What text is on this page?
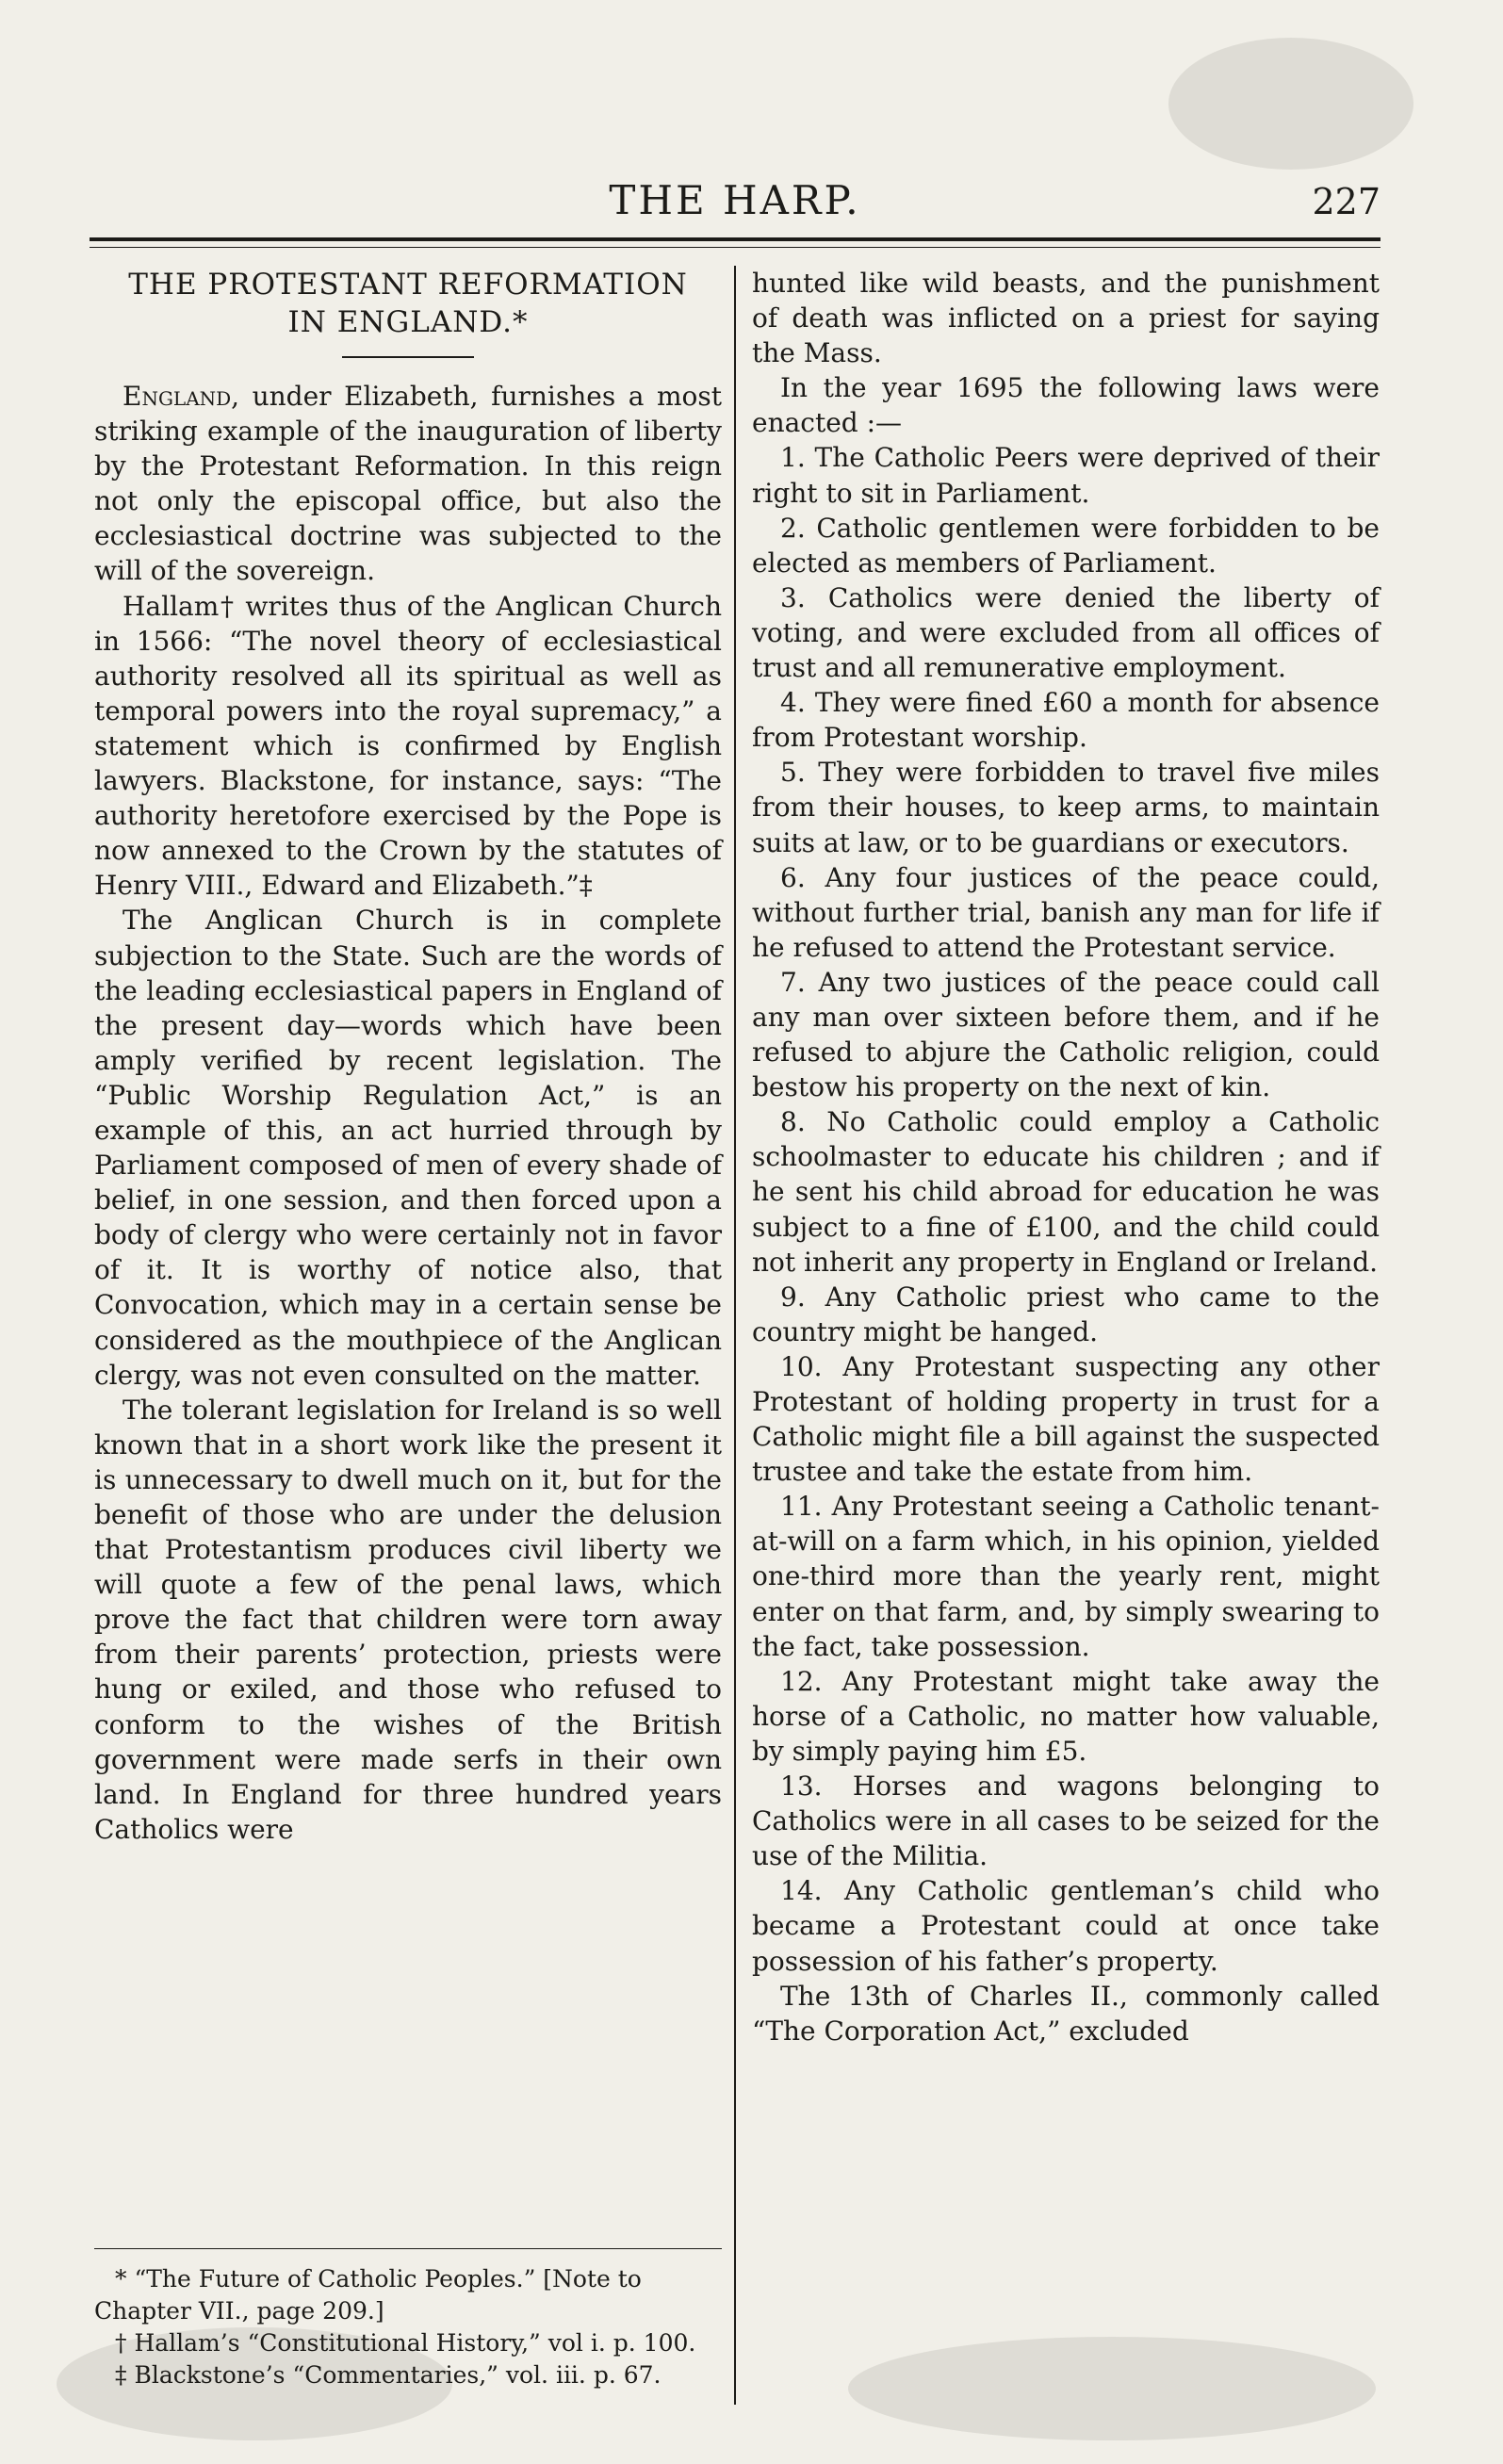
THE HARP.	227
THE PROTESTANT REFORMATION
IN ENGLAND.*

England, under Elizabeth, furnishes a most striking example of the inauguration of liberty by the Protestant Reformation. In this reign not only the episcopal office, but also the ecclesiastical doctrine was subjected to the will of the sovereign.

Hallam† writes thus of the Anglican Church in 1566: “The novel theory of ecclesiastical authority resolved all its spiritual as well as temporal powers into the royal supremacy,” a statement which is confirmed by English lawyers. Blackstone, for instance, says: “The authority heretofore exercised by the Pope is now annexed to the Crown by the statutes of Henry VIII., Edward and Elizabeth.”‡

The Anglican Church is in complete subjection to the State. Such are the words of the leading ecclesiastical papers in England of the present day—words which have been amply verified by recent legislation. The “Public Worship Regulation Act,” is an example of this, an act hurried through by Parliament composed of men of every shade of belief, in one session, and then forced upon a body of clergy who were certainly not in favor of it. It is worthy of notice also, that Convocation, which may in a certain sense be considered as the mouthpiece of the Anglican clergy, was not even consulted on the matter.

The tolerant legislation for Ireland is so well known that in a short work like the present it is unnecessary to dwell much on it, but for the benefit of those who are under the delusion that Protestantism produces civil liberty we will quote a few of the penal laws, which prove the fact that children were torn away from their parents’ protection, priests were hung or exiled, and those who refused to conform to the wishes of the British government were made serfs in their own land. In England for three hundred years Catholics were

hunted like wild beasts, and the punishment of death was inflicted on a priest for saying the Mass.

In the year 1695 the following laws were enacted :—

1. The Catholic Peers were deprived of their right to sit in Parliament.

2. Catholic gentlemen were forbidden to be elected as members of Parliament.

3. Catholics were denied the liberty of voting, and were excluded from all offices of trust and all remunerative employment.

4. They were fined £60 a month for absence from Protestant worship.

5. They were forbidden to travel five miles from their houses, to keep arms, to maintain suits at law, or to be guardians or executors.

6. Any four justices of the peace could, without further trial, banish any man for life if he refused to attend the Protestant service.

7. Any two justices of the peace could call any man over sixteen before them, and if he refused to abjure the Catholic religion, could bestow his property on the next of kin.

8. No Catholic could employ a Catholic schoolmaster to educate his children ; and if he sent his child abroad for education he was subject to a fine of £100, and the child could not inherit any property in England or Ireland.

9. Any Catholic priest who came to the country might be hanged.

10. Any Protestant suspecting any other Protestant of holding property in trust for a Catholic might file a bill against the suspected trustee and take the estate from him.

11. Any Protestant seeing a Catholic tenant-at-will on a farm which, in his opinion, yielded one-third more than the yearly rent, might enter on that farm, and, by simply swearing to the fact, take possession.

12. Any Protestant might take away the horse of a Catholic, no matter how valuable, by simply paying him £5.

13. Horses and wagons belonging to Catholics were in all cases to be seized for the use of the Militia.

14. Any Catholic gentleman’s child who became a Protestant could at once take possession of his father’s property.

The 13th of Charles II., commonly called “The Corporation Act,” excluded

* “The Future of Catholic Peoples.” [Note to Chapter VII., page 209.]

† Hallam’s “Constitutional History,” vol i. p. 100.

‡ Blackstone’s “Commentaries,” vol. iii. p. 67.
